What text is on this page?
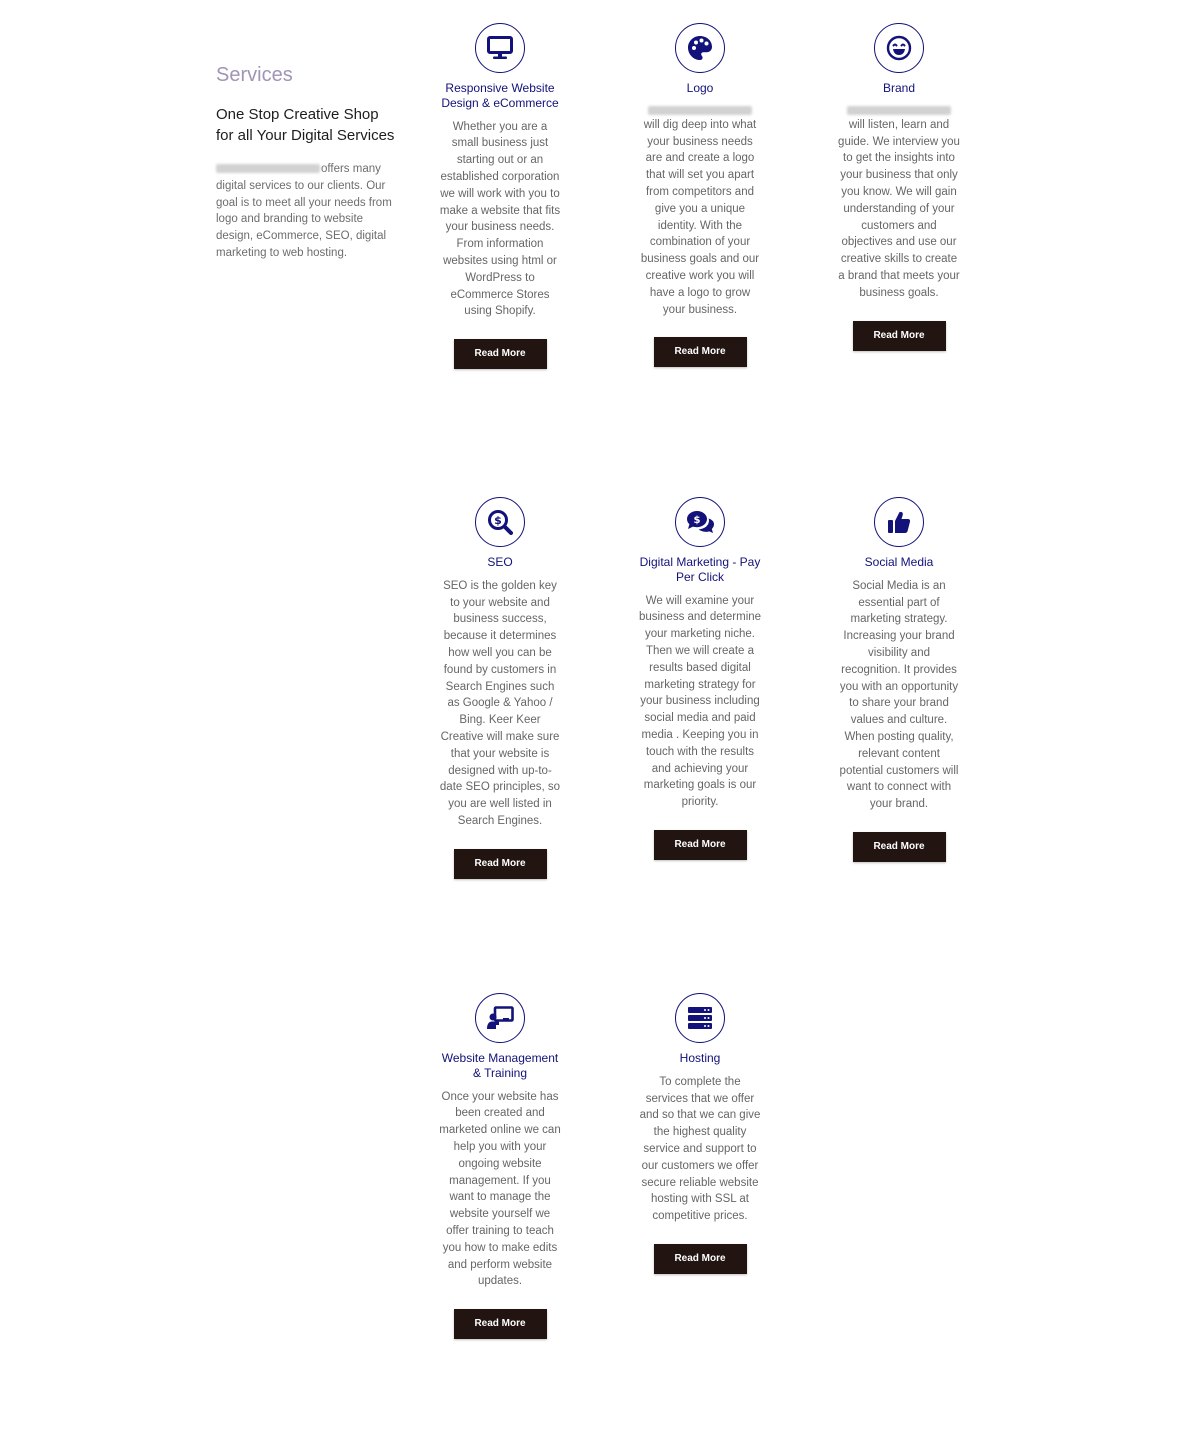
Services
One Stop Creative Shop for all Your Digital Services

offers many digital services to our clients. Our goal is to meet all your needs from logo and branding to website design, eCommerce, SEO, digital marketing to web hosting.

Responsive Website Design & eCommerce

Whether you are a small business just starting out or an established corporation we will work with you to make a website that fits your business needs. From information websites using html or WordPress to eCommerce Stores using Shopify.

Read More
Logo

will dig deep into what your business needs are and create a logo that will set you apart from competitors and give you a unique identity. With the combination of your business goals and our creative work you will have a logo to grow your business.

Read More
Brand

will listen, learn and guide. We interview you to get the insights into your business that only you know. We will gain understanding of your customers and objectives and use our creative skills to create a brand that meets your business goals.

Read More
$
SEO

SEO is the golden key to your website and business success, because it determines how well you can be found by customers in Search Engines such as Google & Yahoo / Bing. Keer Keer Creative will make sure that your website is designed with up-to-date SEO principles, so you are well listed in Search Engines.

Read More
$
Digital Marketing - Pay Per Click

We will examine your business and determine your marketing niche. Then we will create a results based digital marketing strategy for your business including social media and paid media . Keeping you in touch with the results and achieving your marketing goals is our priority.

Read More
Social Media

Social Media is an essential part of marketing strategy. Increasing your brand visibility and recognition. It provides you with an opportunity to share your brand values and culture. When posting quality, relevant content potential customers will want to connect with your brand.

Read More
Website Management & Training

Once your website has been created and marketed online we can help you with your ongoing website management. If you want to manage the website yourself we offer training to teach you how to make edits and perform website updates.

Read More
Hosting

To complete the services that we offer and so that we can give the highest quality service and support to our customers we offer secure reliable website hosting with SSL at competitive prices.

Read More
